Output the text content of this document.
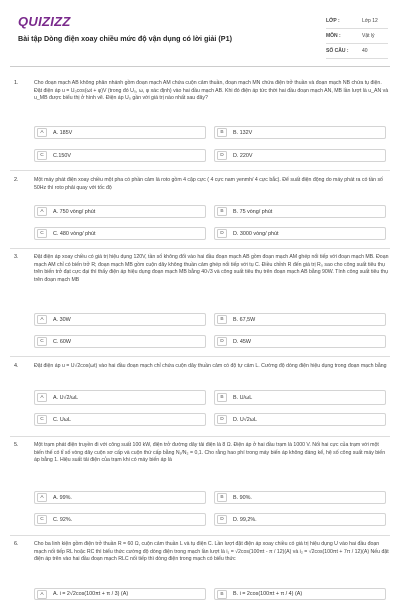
QUIZIZZ
Bài tập Dòng điện xoay chiều mức độ vận dụng có lời giải (P1)
LỚP :	Lớp 12
MÔN :	Vật lý
SỐ CÂU :	40
1.	Cho đoạn mạch AB không phân nhánh gồm đoạn mạch AM chứa cuộn cảm thuần, đoạn mạch MN chứa điện trở thuần và đoạn mạch NB chứa tụ điện. Đặt điện áp u = U₀cos(ωt + φ)V (trong đó U₀, ω, φ xác định) vào hai đầu mạch AB. Khi đó điện áp tức thời hai đầu đoạn mạch AN, MB lần lượt là u_AN và u_MB được biểu thị ở hình vẽ. Điện áp U₀ gần với giá trị nào nhất sau đây?
A	A. 185V	B	B. 132V
C	C.150V	D	D. 220V
2.	Một máy phát điện xoay chiều một pha có phần cảm là roto gồm 4 cặp cực ( 4 cực nam yenmh/ 4 cực bắc). Để suất điện động do máy phát ra có tần số 50Hz thì roto phải quay với tốc độ
A	A. 750 vòng/ phút	B	B. 75 vòng/ phút
C	C. 480 vòng/ phút	D	D. 3000 vòng/ phút
3.	Đặt điện áp xoay chiều có giá trị hiệu dụng 120V, tần số không đổi vào hai đầu đoạn mạch AB gồm đoạn mạch AM ghép nối tiếp với đoạn mạch MB. Đoạn mạch AM chỉ có biến trở R; đoạn mạch MB gồm cuộn dây không thuần cảm ghép nối tiếp với tụ C. Điều chỉnh R đến giá trị R₀ sao cho công suất tiêu thụ trên biến trở đạt cực đại thì thấy điện áp hiệu dụng đoạn mạch MB bằng 40√3 và công suất tiêu thụ trên đoạn mạch AB bằng 90W. Tính công suất tiêu thụ trên đoạn mạch MB
A	A. 30W	B	B. 67,5W
C	C. 60W	D	D. 45W
4.	Đặt điện áp u = U√2cos(ωt) vào hai đầu đoạn mạch chỉ chứa cuộn dây thuần cảm có độ tự cảm L. Cường độ dòng điện hiệu dụng trong đoạn mạch bằng
A	A. U√2/ωL	B	B. U/ωL
C	C. UωL	D	D. U√2ωL
5.	Một trạm phát điện truyền đi với công suất 100 kW, điện trở đường dây tải điện là 8 Ω. Điện áp ở hai đầu trạm là 1000 V. Nối hai cực của trạm với một biến thế có tỉ số vòng dây cuộn sơ cấp và cuộn thứ cấp bằng N₁/N₂ = 0,1. Cho rằng hao phí trong máy biến áp không đáng kể, hệ số công suất máy biến áp bằng 1. Hiệu suất tải điện của trạm khi có máy biến áp là
A	A. 99%.	B	B. 90%.
C	C. 92%.	D	D. 99,2%.
6.	Cho ba linh kiện gồm điện trở thuần R = 60 Ω, cuộn cảm thuần L và tụ điện C. Lần lượt đặt điện áp xoay chiều có giá trị hiệu dụng U vào hai đầu đoạn mạch nối tiếp RL hoặc RC thì biểu thức cường độ dòng điện trong mạch lần lượt là i₁ = √2cos(100πt - π / 12)(A) và i₂ = √2cos(100πt + 7π / 12)(A) Nếu đặt điện áp trên vào hai đầu đoạn mạch RLC nối tiếp thì dòng điện trong mạch có biểu thức
A	A. i = 2√2cos(100πt + π / 3) (A)	B	B. i = 2cos(100πt + π / 4) (A)
